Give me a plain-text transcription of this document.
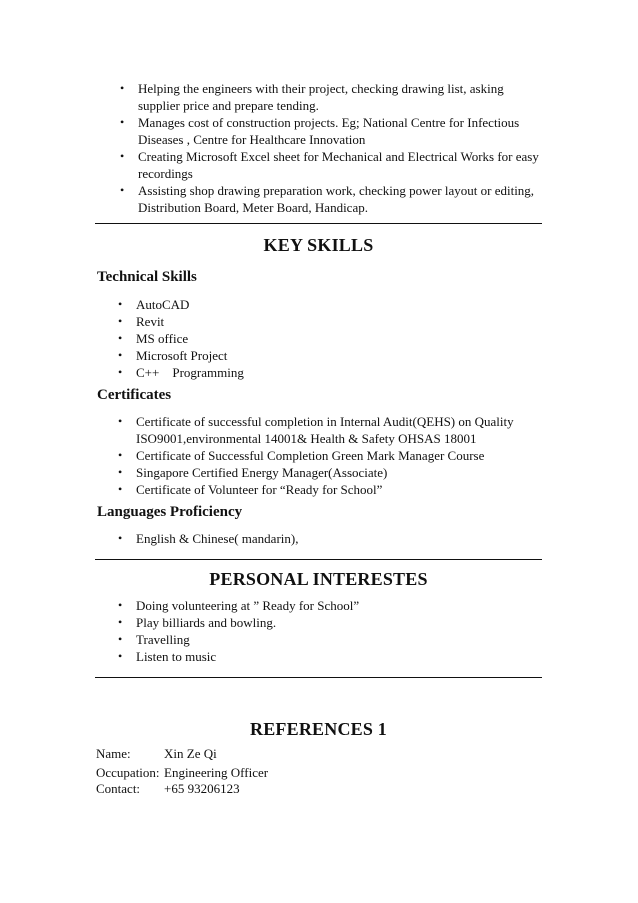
• Helping the engineers with their project, checking drawing list, asking
supplier price and prepare tending.
• Manages cost of construction projects. Eg; National Centre for Infectious
Diseases , Centre for Healthcare Innovation
• Creating Microsoft Excel sheet for Mechanical and Electrical Works for easy
recordings
• Assisting shop drawing preparation work, checking power layout or editing,
Distribution Board, Meter Board, Handicap.
KEY SKILLS
Technical Skills
• AutoCAD
• Revit
• MS office
• Microsoft Project
• C++    Programming
Certificates
• Certificate of successful completion in Internal Audit(QEHS) on Quality
ISO9001,environmental 14001& Health & Safety OHSAS 18001
• Certificate of Successful Completion Green Mark Manager Course
• Singapore Certified Energy Manager(Associate)
• Certificate of Volunteer for “Ready for School”
Languages Proficiency
• English & Chinese( mandarin),
PERSONAL INTERESTES
• Doing volunteering at ” Ready for School”
• Play billiards and bowling.
• Travelling
• Listen to music
REFERENCES 1
Name:	Xin Ze Qi
Occupation: Engineering Officer
Contact: +65 93206123
